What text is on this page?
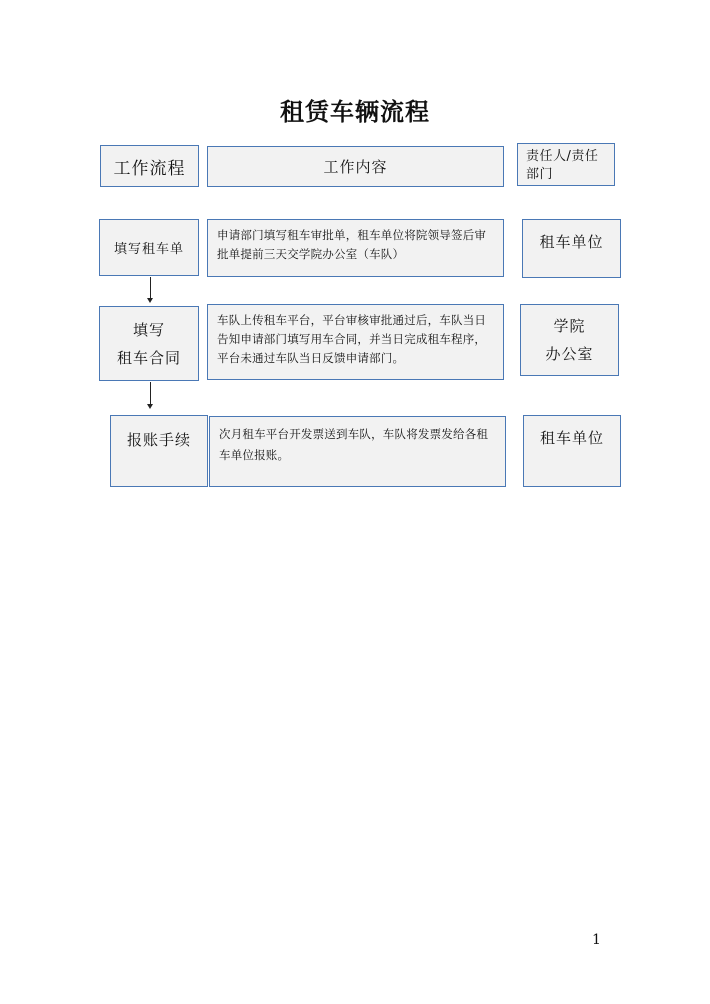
租赁车辆流程
工作流程	工作内容
责任人/责任部门
填写租车单
申请部门填写租车审批单，租车单位将院领导签后审批单提前三天交学院办公室（车队）
租车单位
填写
租车合同
车队上传租车平台，平台审核审批通过后，车队当日告知申请部门填写用车合同，并当日完成租车程序，平台未通过车队当日反馈申请部门。
学院
办公室
报账手续	次月租车平台开发票送到车队，车队将发票发给各租车单位报账。
租车单位
1
